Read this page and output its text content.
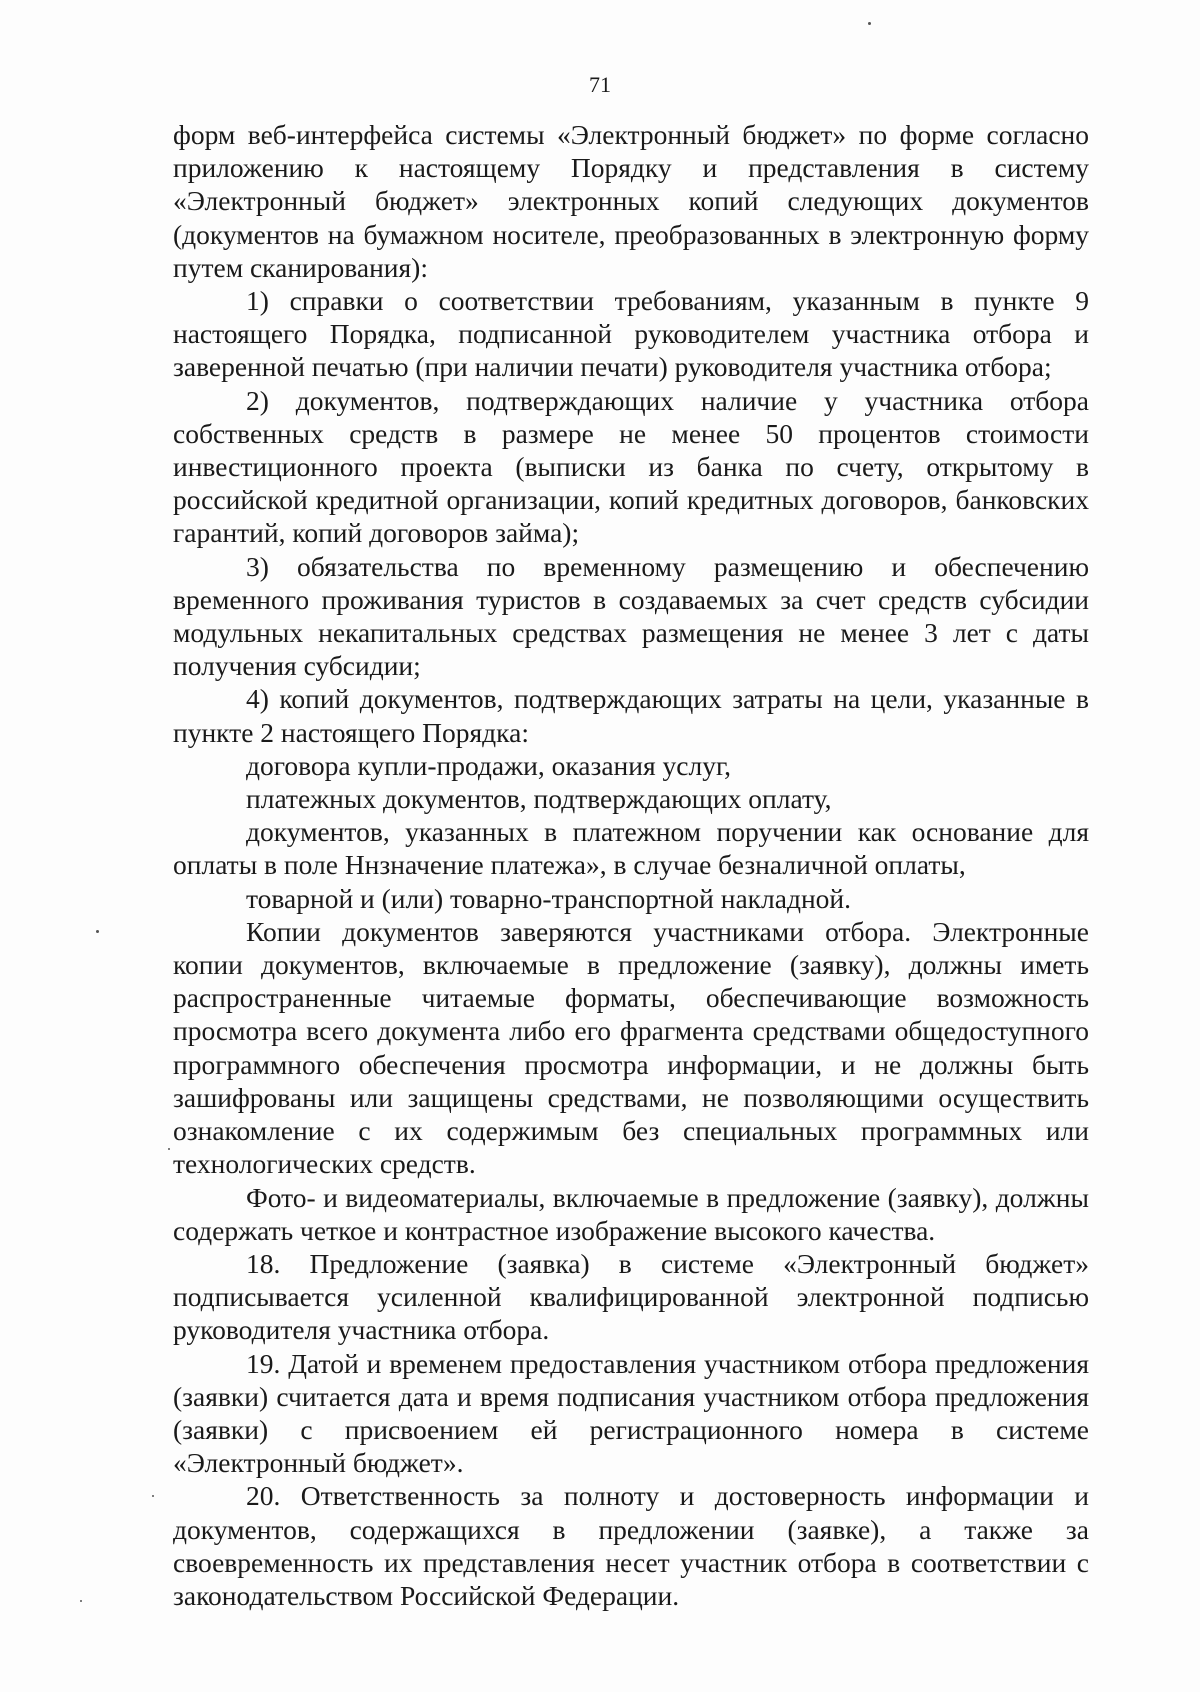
71

форм веб-интерфейса системы «Электронный бюджет» по форме согласно приложению к настоящему Порядку и представления в систему «Электронный бюджет» электронных копий следующих документов (документов на бумажном носителе, преобразованных в электронную форму путем сканирования):

1) справки о соответствии требованиям, указанным в пункте 9 настоящего Порядка, подписанной руководителем участника отбора и заверенной печатью (при наличии печати) руководителя участника отбора;

2) документов, подтверждающих наличие у участника отбора собственных средств в размере не менее 50 процентов стоимости инвестиционного проекта (выписки из банка по счету, открытому в российской кредитной организации, копий кредитных договоров, банковских гарантий, копий договоров займа);

3) обязательства по временному размещению и обеспечению временного проживания туристов в создаваемых за счет средств субсидии модульных некапитальных средствах размещения не менее 3 лет с даты получения субсидии;

4) копий документов, подтверждающих затраты на цели, указанные в пункте 2 настоящего Порядка:

договора купли-продажи, оказания услуг,

платежных документов, подтверждающих оплату,

документов, указанных в платежном поручении как основание для оплаты в поле Ннзначение платежа», в случае безналичной оплаты,

товарной и (или) товарно-транспортной накладной.

Копии документов заверяются участниками отбора. Электронные копии документов, включаемые в предложение (заявку), должны иметь распространенные читаемые форматы, обеспечивающие возможность просмотра всего документа либо его фрагмента средствами общедоступного программного обеспечения просмотра информации, и не должны быть зашифрованы или защищены средствами, не позволяющими осуществить ознакомление с их содержимым без специальных программных или технологических средств.

Фото- и видеоматериалы, включаемые в предложение (заявку), должны содержать четкое и контрастное изображение высокого качества.

18. Предложение (заявка) в системе «Электронный бюджет» подписывается усиленной квалифицированной электронной подписью руководителя участника отбора.

19. Датой и временем предоставления участником отбора предложения (заявки) считается дата и время подписания участником отбора предложения (заявки) с присвоением ей регистрационного номера в системе «Электронный бюджет».

20. Ответственность за полноту и достоверность информации и документов, содержащихся в предложении (заявке), а также за своевременность их представления несет участник отбора в соответствии с законодательством Российской Федерации.
